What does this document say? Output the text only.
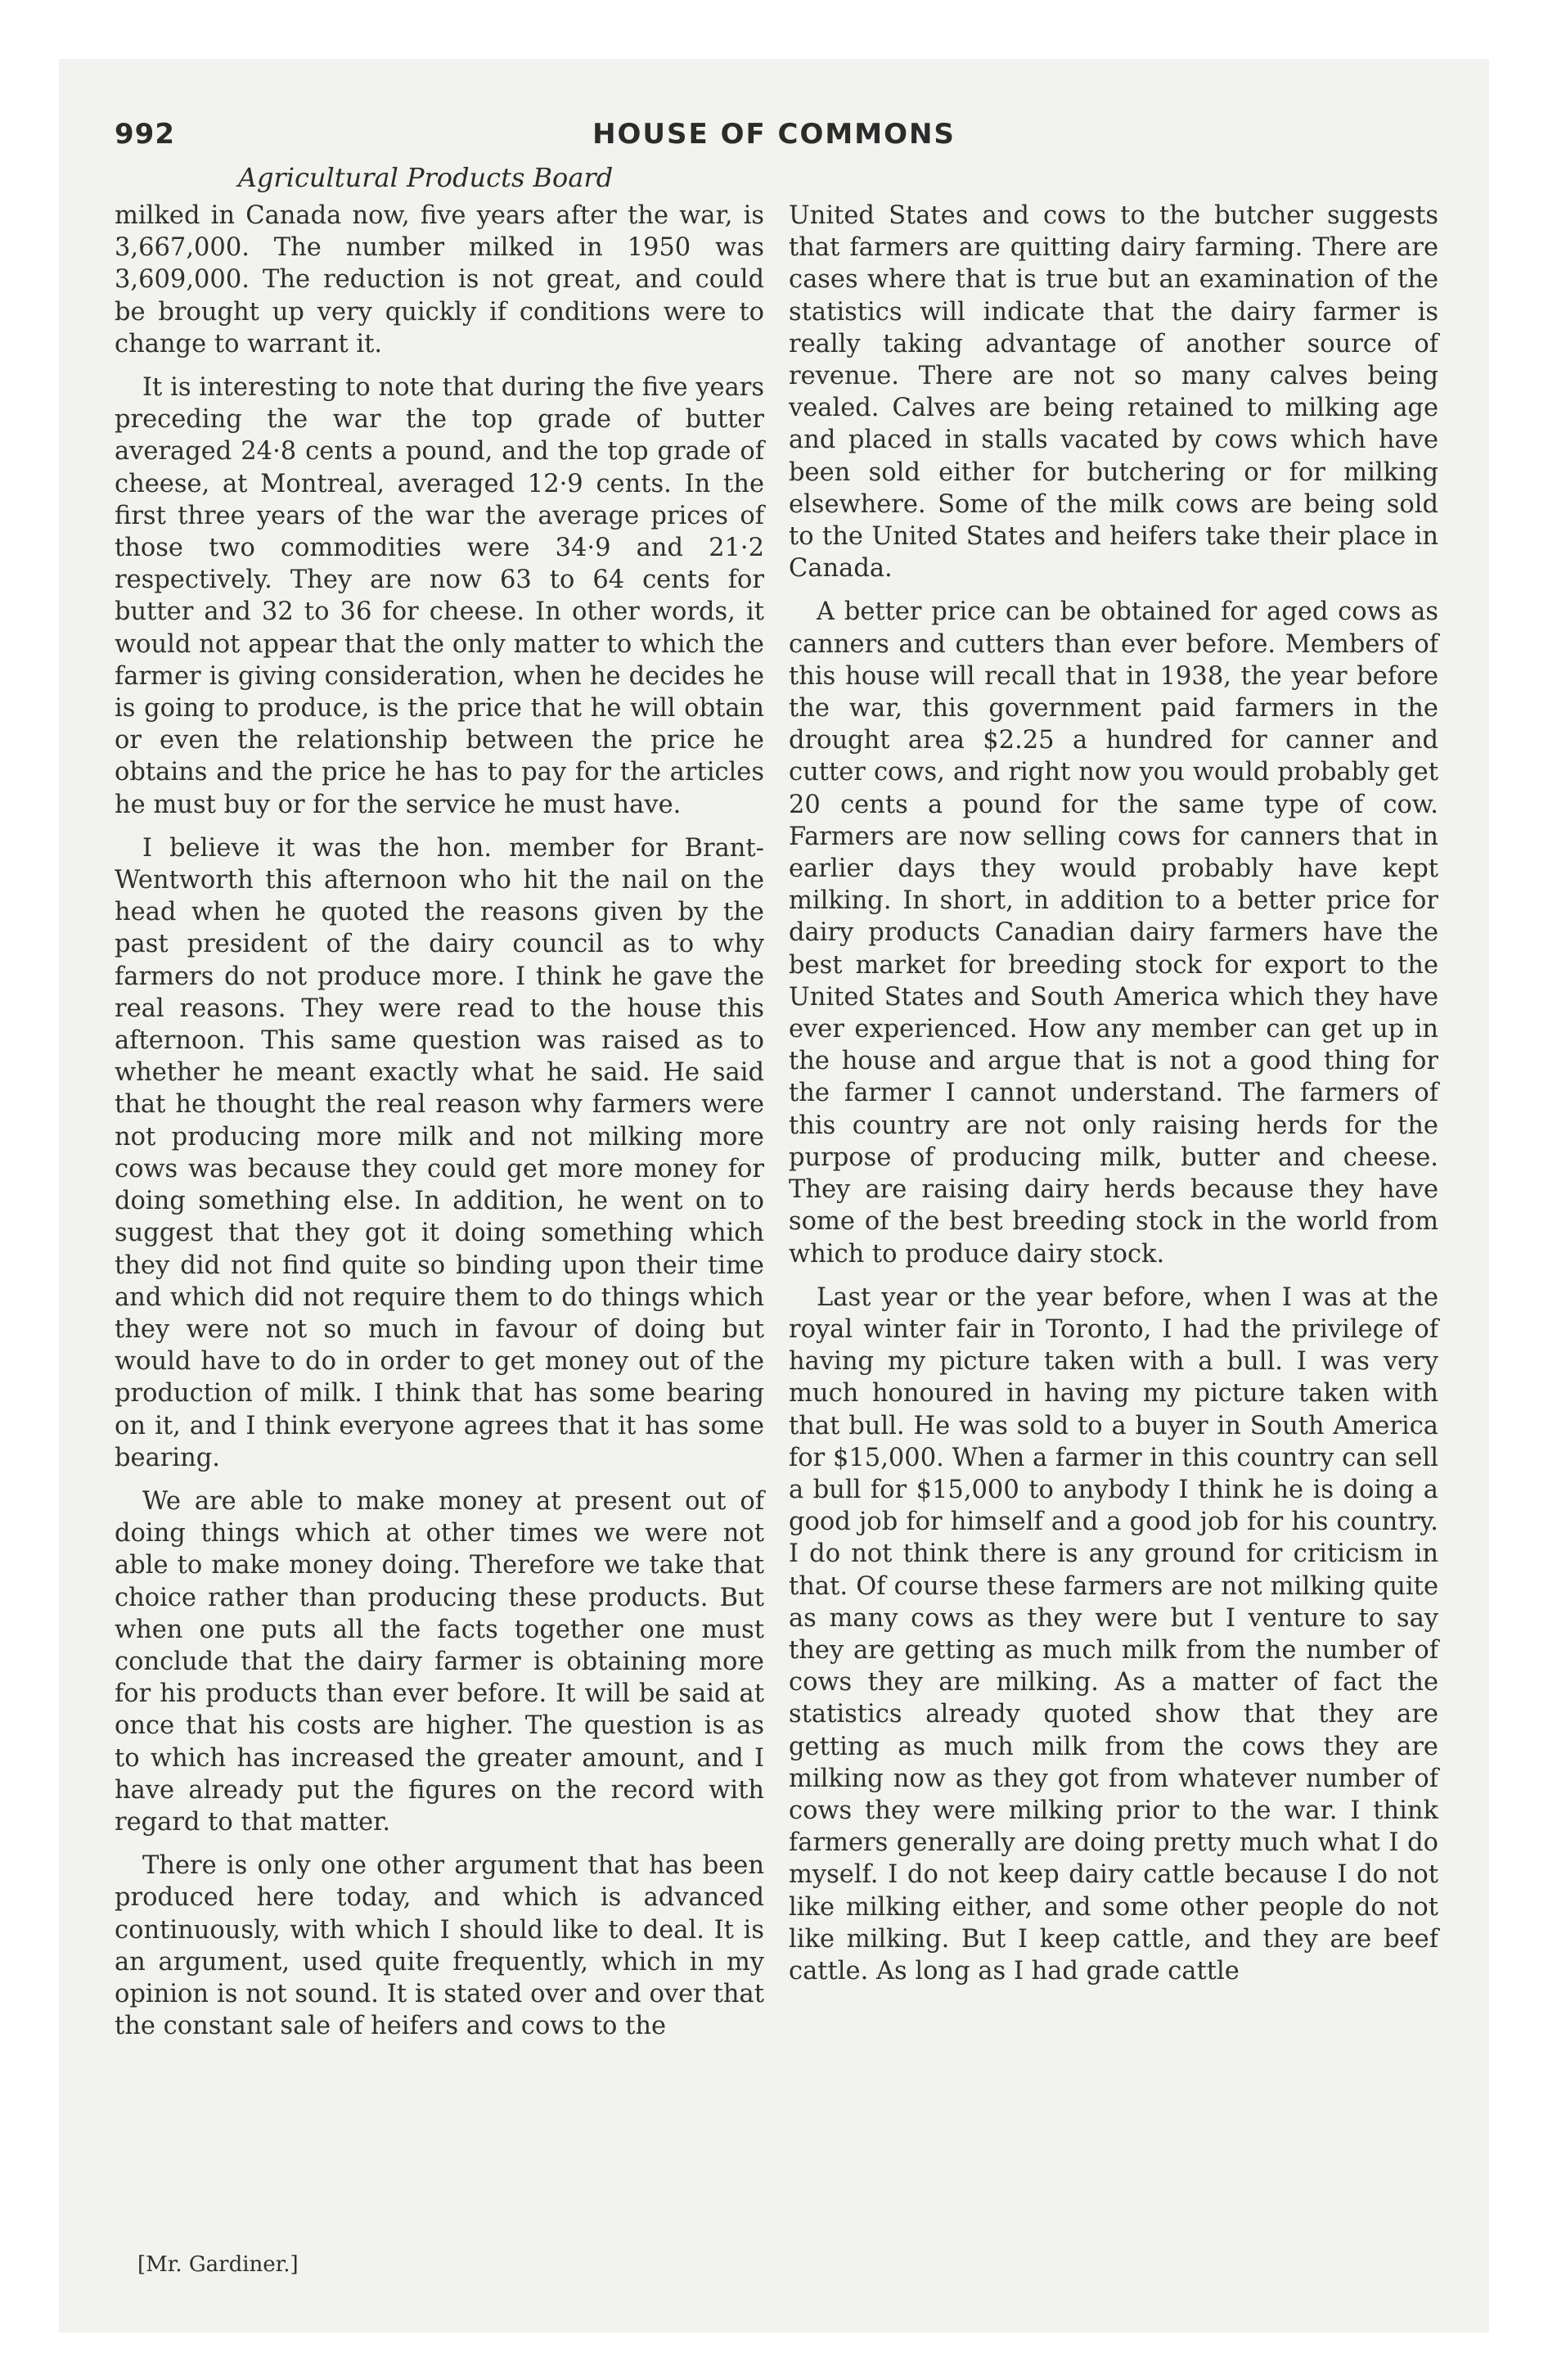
992	HOUSE OF COMMONS
Agricultural Products Board

milked in Canada now, five years after the war, is 3,667,000. The number milked in 1950 was 3,609,000. The reduction is not great, and could be brought up very quickly if conditions were to change to warrant it.

It is interesting to note that during the five years preceding the war the top grade of butter averaged 24·8 cents a pound, and the top grade of cheese, at Montreal, averaged 12·9 cents. In the first three years of the war the average prices of those two commodities were 34·9 and 21·2 respectively. They are now 63 to 64 cents for butter and 32 to 36 for cheese. In other words, it would not appear that the only matter to which the farmer is giving consideration, when he decides he is going to produce, is the price that he will obtain or even the relationship between the price he obtains and the price he has to pay for the articles he must buy or for the service he must have.

I believe it was the hon. member for Brant-Wentworth this afternoon who hit the nail on the head when he quoted the reasons given by the past president of the dairy council as to why farmers do not produce more. I think he gave the real reasons. They were read to the house this afternoon. This same question was raised as to whether he meant exactly what he said. He said that he thought the real reason why farmers were not producing more milk and not milking more cows was because they could get more money for doing something else. In addition, he went on to suggest that they got it doing something which they did not find quite so binding upon their time and which did not require them to do things which they were not so much in favour of doing but would have to do in order to get money out of the production of milk. I think that has some bearing on it, and I think everyone agrees that it has some bearing.

We are able to make money at present out of doing things which at other times we were not able to make money doing. Therefore we take that choice rather than producing these products. But when one puts all the facts together one must conclude that the dairy farmer is obtaining more for his products than ever before. It will be said at once that his costs are higher. The question is as to which has increased the greater amount, and I have already put the figures on the record with regard to that matter.

There is only one other argument that has been produced here today, and which is advanced continuously, with which I should like to deal. It is an argument, used quite frequently, which in my opinion is not sound. It is stated over and over that the constant sale of heifers and cows to the

United States and cows to the butcher suggests that farmers are quitting dairy farming. There are cases where that is true but an examination of the statistics will indicate that the dairy farmer is really taking advantage of another source of revenue. There are not so many calves being vealed. Calves are being retained to milking age and placed in stalls vacated by cows which have been sold either for butchering or for milking elsewhere. Some of the milk cows are being sold to the United States and heifers take their place in Canada.

A better price can be obtained for aged cows as canners and cutters than ever before. Members of this house will recall that in 1938, the year before the war, this government paid farmers in the drought area $2.25 a hundred for canner and cutter cows, and right now you would probably get 20 cents a pound for the same type of cow. Farmers are now selling cows for canners that in earlier days they would probably have kept milking. In short, in addition to a better price for dairy products Canadian dairy farmers have the best market for breeding stock for export to the United States and South America which they have ever experienced. How any member can get up in the house and argue that is not a good thing for the farmer I cannot understand. The farmers of this country are not only raising herds for the purpose of producing milk, butter and cheese. They are raising dairy herds because they have some of the best breeding stock in the world from which to produce dairy stock.

Last year or the year before, when I was at the royal winter fair in Toronto, I had the privilege of having my picture taken with a bull. I was very much honoured in having my picture taken with that bull. He was sold to a buyer in South America for $15,000. When a farmer in this country can sell a bull for $15,000 to anybody I think he is doing a good job for himself and a good job for his country. I do not think there is any ground for criticism in that. Of course these farmers are not milking quite as many cows as they were but I venture to say they are getting as much milk from the number of cows they are milking. As a matter of fact the statistics already quoted show that they are getting as much milk from the cows they are milking now as they got from whatever number of cows they were milking prior to the war. I think farmers generally are doing pretty much what I do myself. I do not keep dairy cattle because I do not like milking either, and some other people do not like milking. But I keep cattle, and they are beef cattle. As long as I had grade cattle

[Mr. Gardiner.]
